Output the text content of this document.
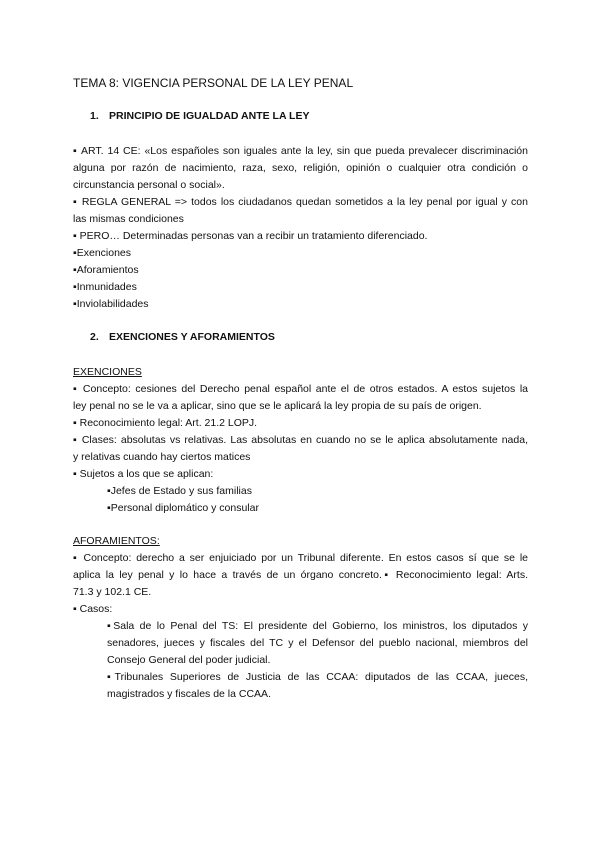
TEMA 8: VIGENCIA PERSONAL DE LA LEY PENAL
1. PRINCIPIO DE IGUALDAD ANTE LA LEY
▪ ART. 14 CE: «Los españoles son iguales ante la ley, sin que pueda prevalecer discriminación
alguna por razón de nacimiento, raza, sexo, religión, opinión o cualquier otra condición o
circunstancia personal o social».
▪ REGLA GENERAL => todos los ciudadanos quedan sometidos a la ley penal por igual y con
las mismas condiciones
▪ PERO… Determinadas personas van a recibir un tratamiento diferenciado.
▪Exenciones
▪Aforamientos
▪Inmunidades
▪Inviolabilidades
2. EXENCIONES Y AFORAMIENTOS
EXENCIONES
▪ Concepto: cesiones del Derecho penal español ante el de otros estados. A estos sujetos la
ley penal no se le va a aplicar, sino que se le aplicará la ley propia de su país de origen.
▪ Reconocimiento legal: Art. 21.2 LOPJ.
▪ Clases: absolutas vs relativas. Las absolutas en cuando no se le aplica absolutamente nada,
y relativas cuando hay ciertos matices
▪ Sujetos a los que se aplican:
▪Jefes de Estado y sus familias
▪Personal diplomático y consular
AFORAMIENTOS:
▪ Concepto: derecho a ser enjuiciado por un Tribunal diferente. En estos casos sí que se le
aplica la ley penal y lo hace a través de un órgano concreto.▪ Reconocimiento legal: Arts.
71.3 y 102.1 CE.
▪ Casos:
▪Sala de lo Penal del TS: El presidente del Gobierno, los ministros, los diputados y
senadores, jueces y fiscales del TC y el Defensor del pueblo nacional, miembros del
Consejo General del poder judicial.
▪Tribunales Superiores de Justicia de las CCAA: diputados de las CCAA, jueces,
magistrados y fiscales de la CCAA.
